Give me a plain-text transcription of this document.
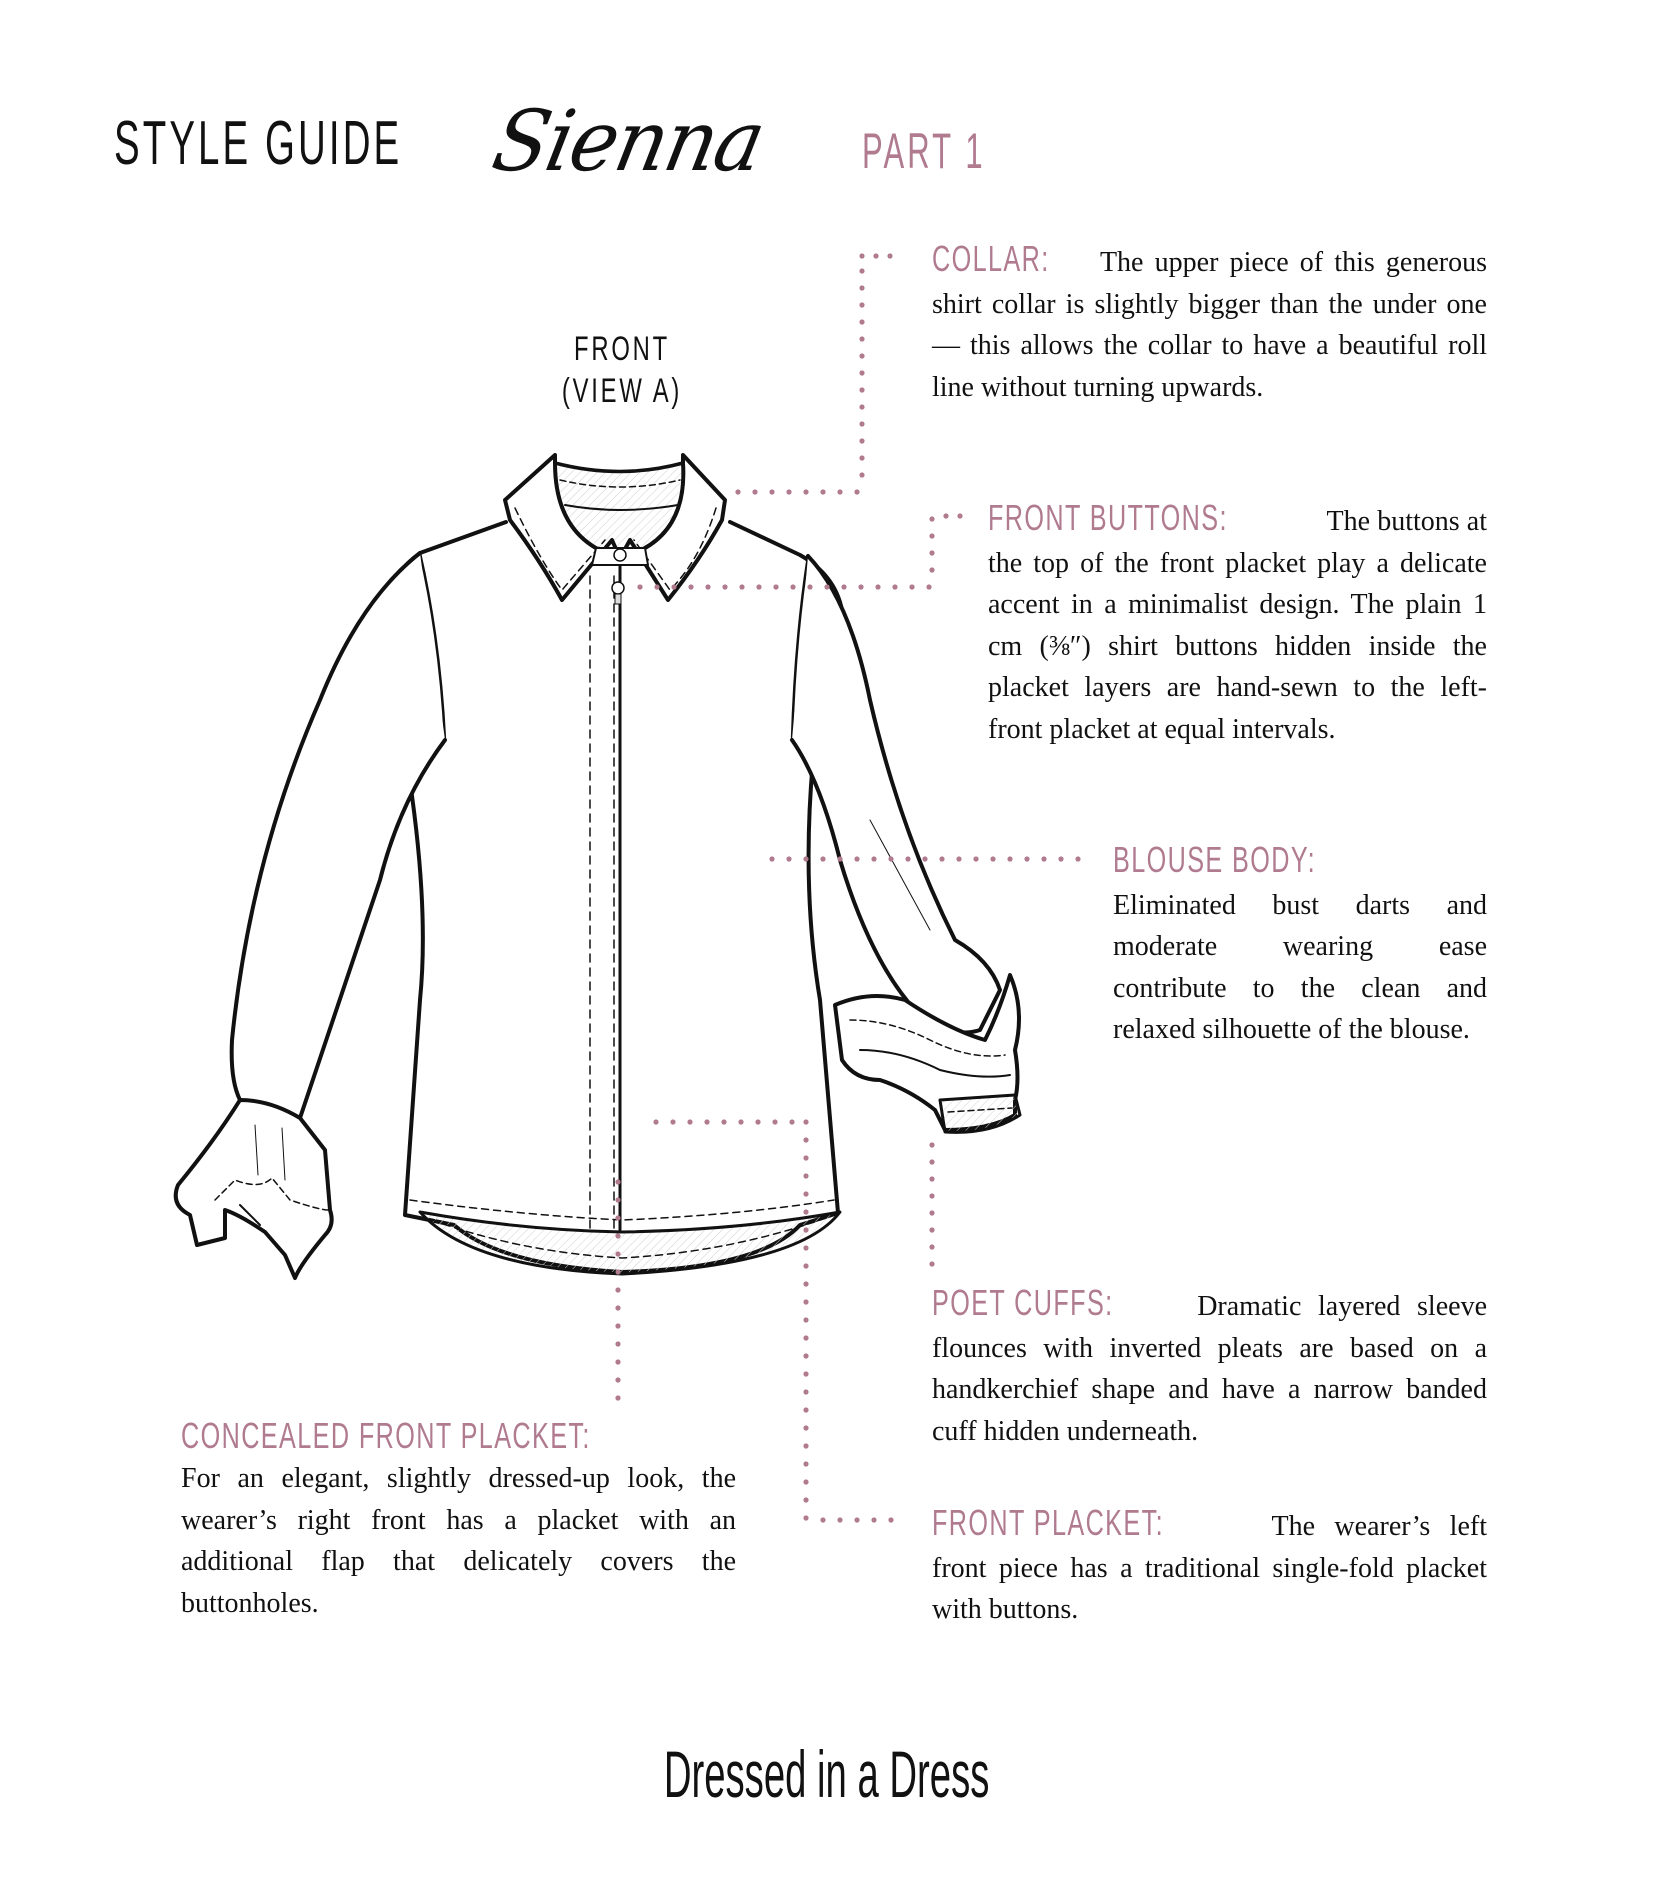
STYLE GUIDE Sienna PART 1
FRONT
(VIEW A)
COLLAR: The upper piece of this generous shirt collar is slightly bigger than the under one — this allows the collar to have a beautiful roll line without turning upwards.
FRONT BUTTONS:	The buttons at the top of the front placket play a delicate accent in a minimalist design. The plain 1 cm (⅜″) shirt buttons hidden inside the placket layers are hand-sewn to the left-front placket at equal intervals.
BLOUSE BODY: Eliminated bust darts and moderate wearing ease contribute to the clean and relaxed silhouette of the blouse.
POET CUFFS:	Dramatic layered sleeve flounces with inverted pleats are based on a handkerchief shape and have a narrow banded cuff hidden underneath.
FRONT PLACKET:	The wearer’s left front piece has a traditional single-fold placket with buttons.
CONCEALED FRONT PLACKET:
For an elegant, slightly dressed-up look, the wearer’s right front has a placket with an additional flap that delicately covers the buttonholes.
Dressed in a Dress
